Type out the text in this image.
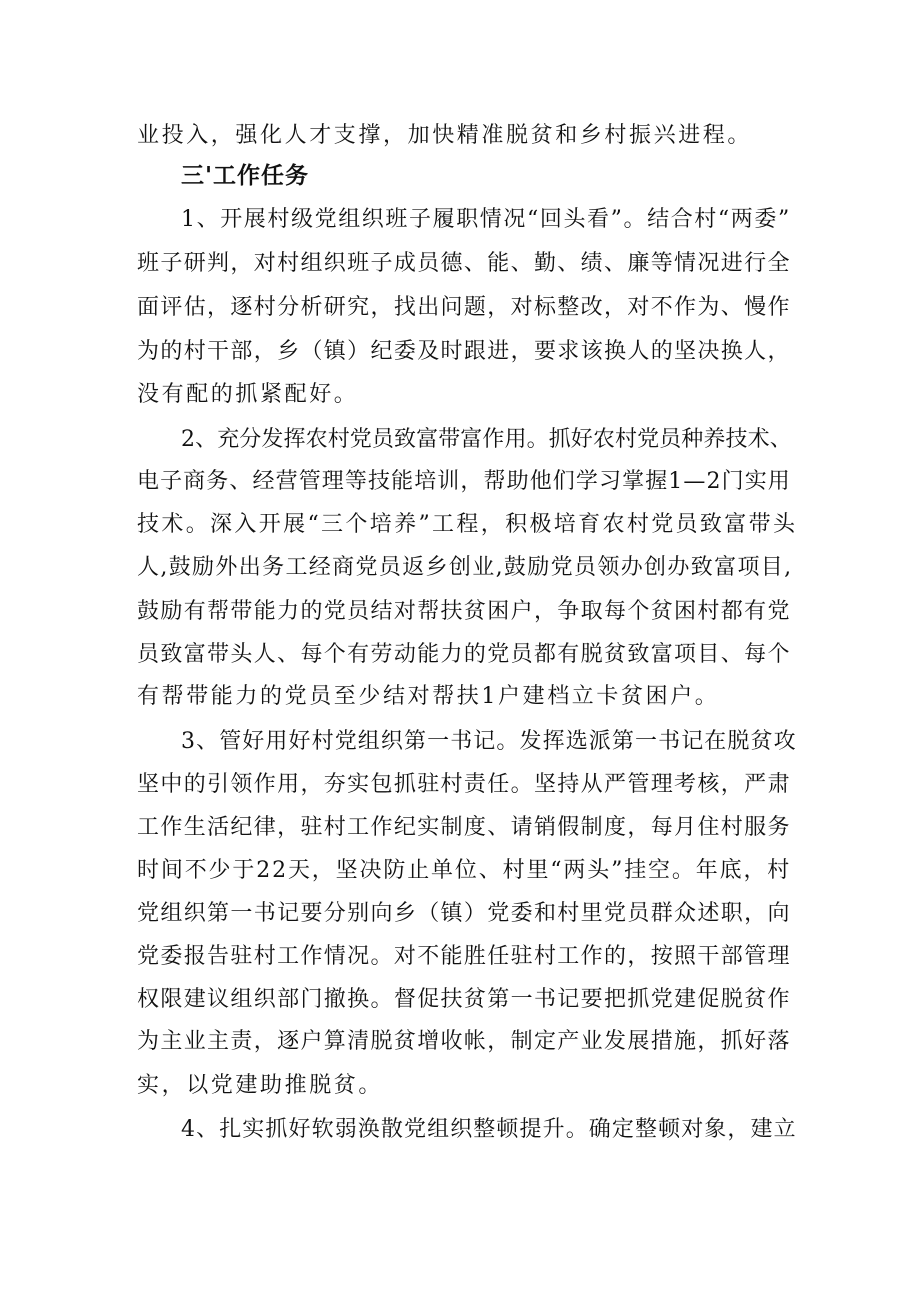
业投入，强化人才支撑，加快精准脱贫和乡村振兴进程。
三'工作任务
1、开展村级党组织班子履职情况“回头看”。结合村“两委”
班子研判，对村组织班子成员德、能、勤、绩、廉等情况进行全
面评估，逐村分析研究，找出问题，对标整改，对不作为、慢作
为的村干部，乡（镇）纪委及时跟进，要求该换人的坚决换人，
没有配的抓紧配好。
2、充分发挥农村党员致富带富作用。抓好农村党员种养技术、
电子商务、经营管理等技能培训，帮助他们学习掌握1—2门实用
技术。深入开展“三个培养”工程，积极培育农村党员致富带头
人,鼓励外出务工经商党员返乡创业,鼓励党员领办创办致富项目,
鼓励有帮带能力的党员结对帮扶贫困户，争取每个贫困村都有党
员致富带头人、每个有劳动能力的党员都有脱贫致富项目、每个
有帮带能力的党员至少结对帮扶1户建档立卡贫困户。
3、管好用好村党组织第一书记。发挥选派第一书记在脱贫攻
坚中的引领作用，夯实包抓驻村责任。坚持从严管理考核，严肃
工作生活纪律，驻村工作纪实制度、请销假制度，每月住村服务
时间不少于22天，坚决防止单位、村里“两头”挂空。年底，村
党组织第一书记要分别向乡（镇）党委和村里党员群众述职，向
党委报告驻村工作情况。对不能胜任驻村工作的，按照干部管理
权限建议组织部门撤换。督促扶贫第一书记要把抓党建促脱贫作
为主业主责，逐户算清脱贫增收帐，制定产业发展措施，抓好落
实，以党建助推脱贫。
4、扎实抓好软弱涣散党组织整顿提升。确定整顿对象，建立
